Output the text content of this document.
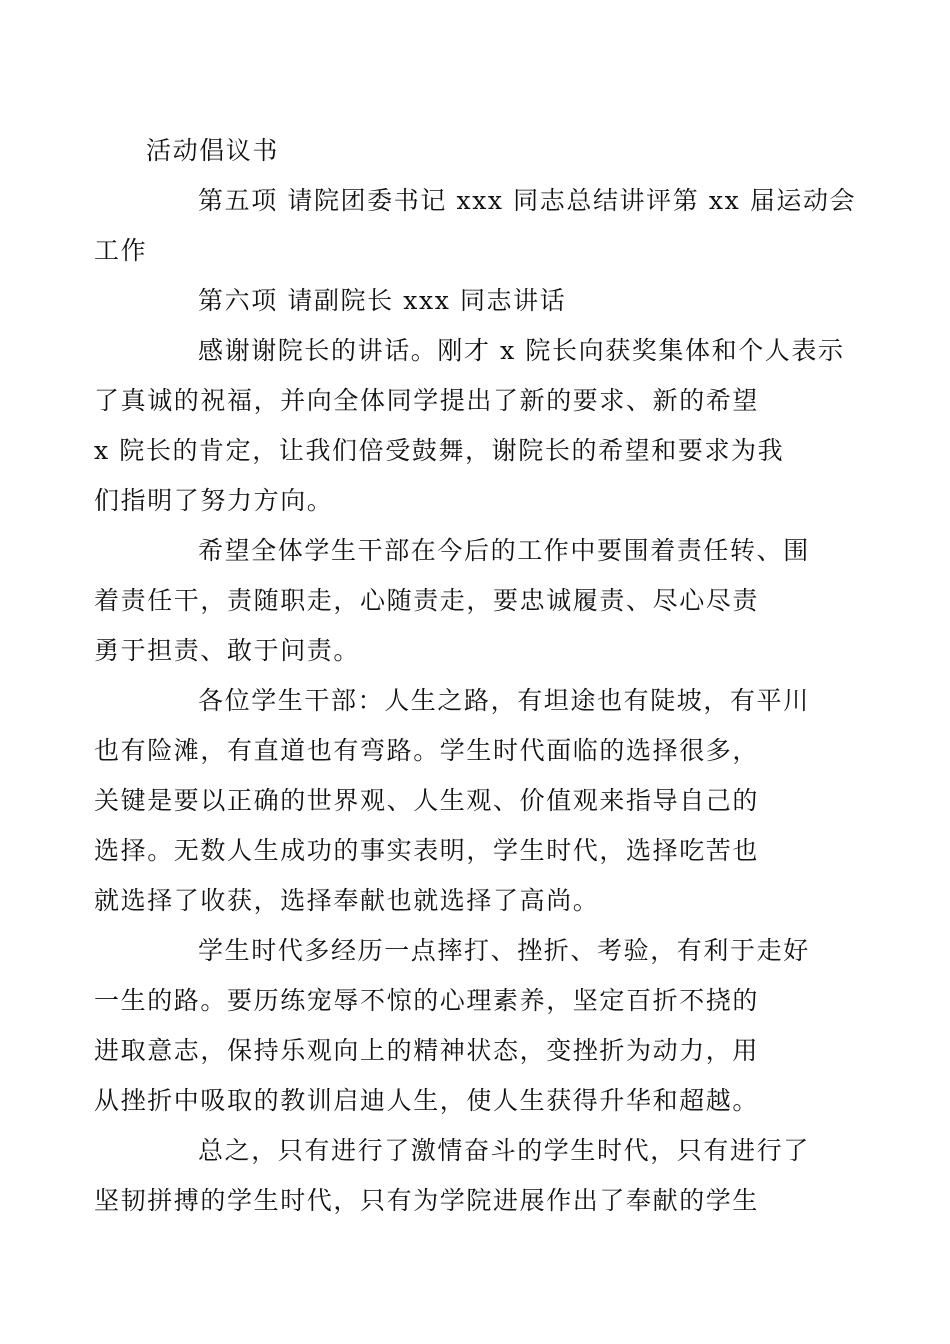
活动倡议书

第五项 请院团委书记 xxx 同志总结讲评第 xx 届运动会
工作

第六项 请副院长 xxx 同志讲话

感谢谢院长的讲话。刚才 x 院长向获奖集体和个人表示
了真诚的祝福，并向全体同学提出了新的要求、新的希望
x 院长的肯定，让我们倍受鼓舞，谢院长的希望和要求为我
们指明了努力方向。

希望全体学生干部在今后的工作中要围着责任转、围
着责任干，责随职走，心随责走，要忠诚履责、尽心尽责
勇于担责、敢于问责。

各位学生干部：人生之路，有坦途也有陡坡，有平川
也有险滩，有直道也有弯路。学生时代面临的选择很多，
关键是要以正确的世界观、人生观、价值观来指导自己的
选择。无数人生成功的事实表明，学生时代，选择吃苦也
就选择了收获，选择奉献也就选择了高尚。

学生时代多经历一点摔打、挫折、考验，有利于走好
一生的路。要历练宠辱不惊的心理素养，坚定百折不挠的
进取意志，保持乐观向上的精神状态，变挫折为动力，用
从挫折中吸取的教训启迪人生，使人生获得升华和超越。

总之，只有进行了激情奋斗的学生时代，只有进行了
坚韧拼搏的学生时代，只有为学院进展作出了奉献的学生
